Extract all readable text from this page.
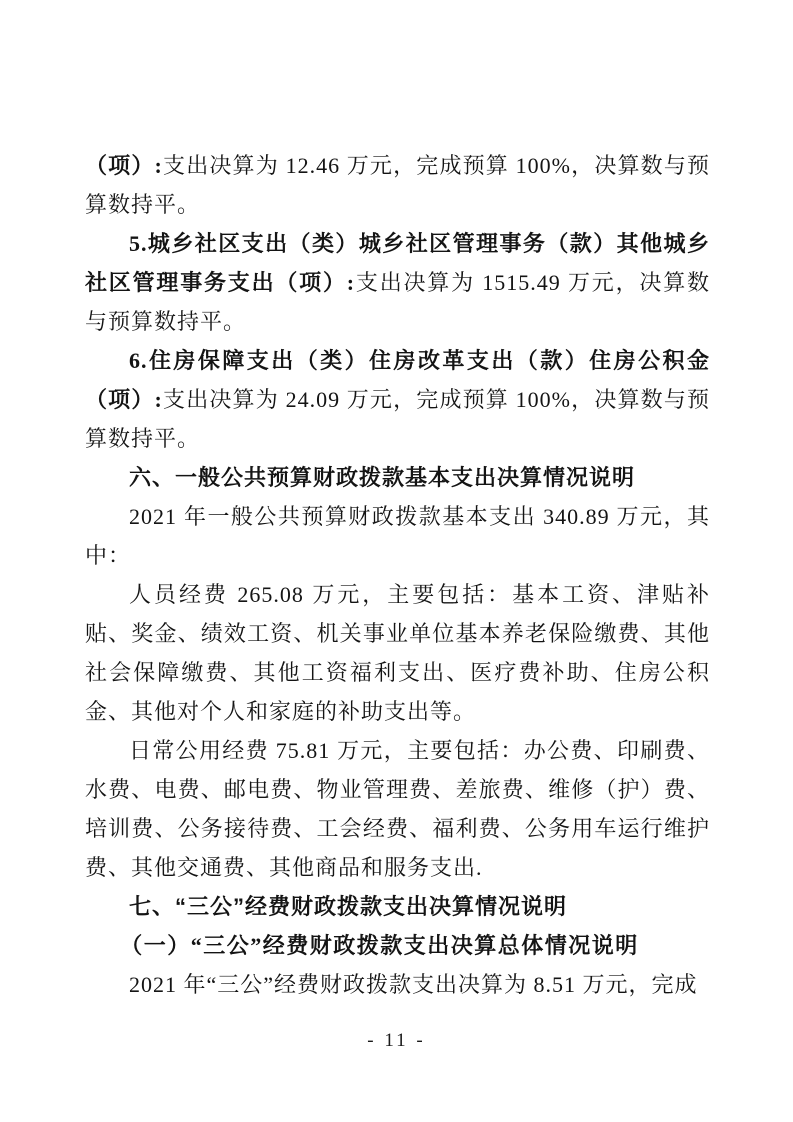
（项）:支出决算为 12.46 万元，完成预算 100%，决算数与预算数持平。

5.城乡社区支出（类）城乡社区管理事务（款）其他城乡社区管理事务支出（项）:支出决算为 1515.49 万元，决算数与预算数持平。

6.住房保障支出（类）住房改革支出（款）住房公积金（项）:支出决算为 24.09 万元，完成预算 100%，决算数与预算数持平。

六、一般公共预算财政拨款基本支出决算情况说明

2021 年一般公共预算财政拨款基本支出 340.89 万元，其中：

人员经费 265.08 万元，主要包括：基本工资、津贴补贴、奖金、绩效工资、机关事业单位基本养老保险缴费、其他社会保障缴费、其他工资福利支出、医疗费补助、住房公积金、其他对个人和家庭的补助支出等。

日常公用经费 75.81 万元，主要包括：办公费、印刷费、水费、电费、邮电费、物业管理费、差旅费、维修（护）费、培训费、公务接待费、工会经费、福利费、公务用车运行维护费、其他交通费、其他商品和服务支出.

七、“三公”经费财政拨款支出决算情况说明
（一）“三公”经费财政拨款支出决算总体情况说明

2021 年“三公”经费财政拨款支出决算为 8.51 万元，完成

- 11 -
